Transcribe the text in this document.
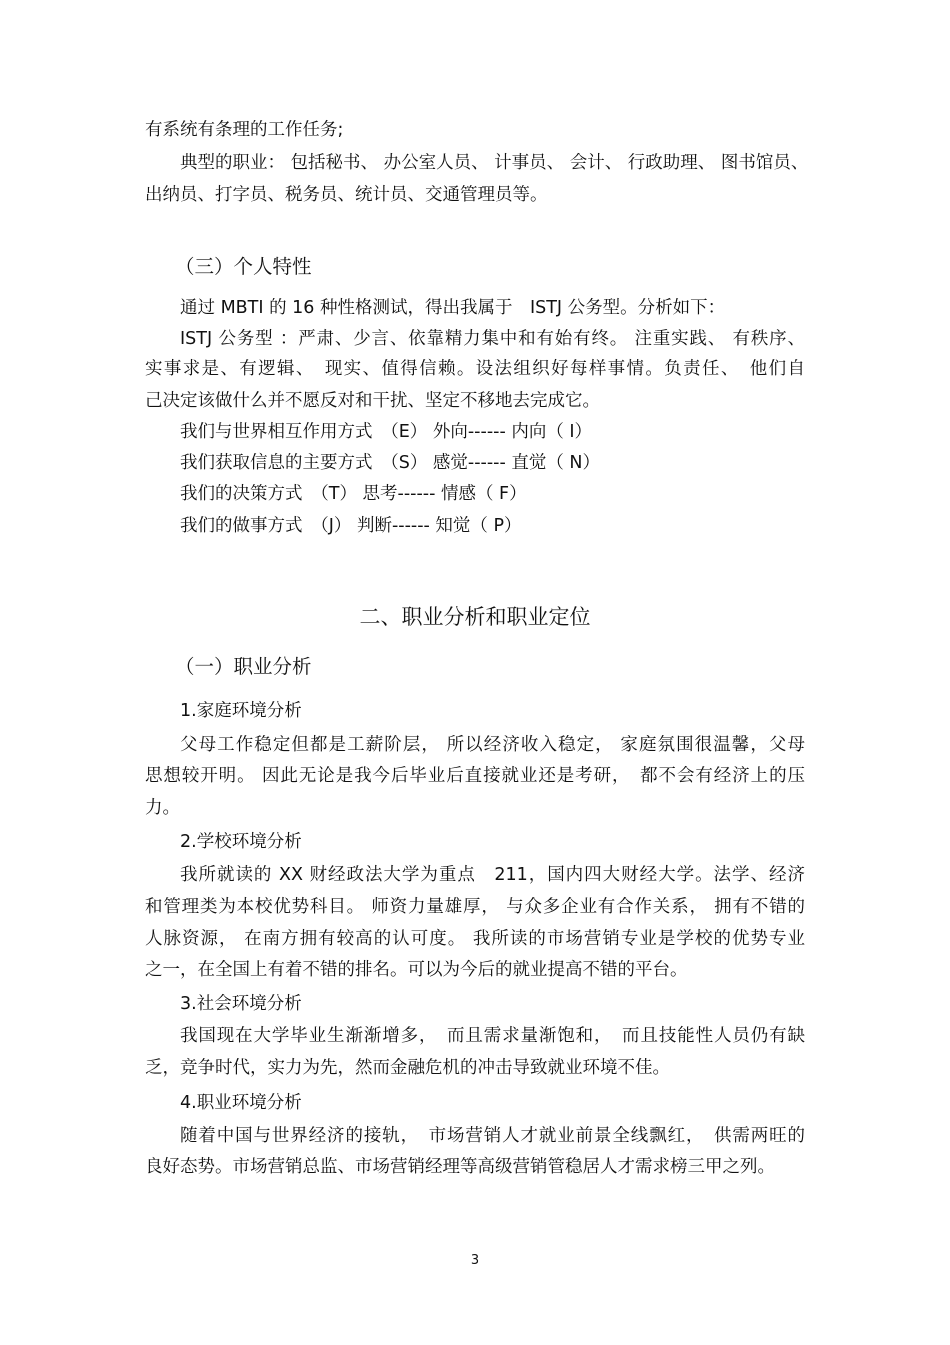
有系统有条理的工作任务;
典型的职业： 包括秘书、 办公室人员、 计事员、 会计、 行政助理、 图书馆员、
出纳员、打字员、税务员、统计员、交通管理员等。
（三）个人特性
通过 MBTI 的 16 种性格测试，得出我属于　ISTJ 公务型。分析如下：
ISTJ 公务型 ：严肃、少言、依靠精力集中和有始有终。 注重实践、 有秩序、
实事求是、有逻辑、　现实、值得信赖。设法组织好每样事情。负责任、　他们自
己决定该做什么并不愿反对和干扰、坚定不移地去完成它。
我们与世界相互作用方式　（E） 外向------ 内向（ I）
我们获取信息的主要方式　（S） 感觉------ 直觉（ N）
我们的决策方式　（T） 思考------ 情感（ F）
我们的做事方式　（J） 判断------ 知觉（ P）
二、职业分析和职业定位
（一）职业分析
1.家庭环境分析
父母工作稳定但都是工薪阶层， 所以经济收入稳定， 家庭氛围很温馨，父母
思想较开明。 因此无论是我今后毕业后直接就业还是考研，　都不会有经济上的压
力。
2.学校环境分析
我所就读的 XX 财经政法大学为重点　211，国内四大财经大学。法学、经济
和管理类为本校优势科目。 师资力量雄厚， 与众多企业有合作关系， 拥有不错的
人脉资源， 在南方拥有较高的认可度。 我所读的市场营销专业是学校的优势专业
之一，在全国上有着不错的排名。可以为今后的就业提高不错的平台。
3.社会环境分析
我国现在大学毕业生渐渐增多，　而且需求量渐饱和，　而且技能性人员仍有缺
乏，竞争时代，实力为先，然而金融危机的冲击导致就业环境不佳。
4.职业环境分析
随着中国与世界经济的接轨，　市场营销人才就业前景全线飘红，　供需两旺的
良好态势。市场营销总监、市场营销经理等高级营销管稳居人才需求榜三甲之列。
3
